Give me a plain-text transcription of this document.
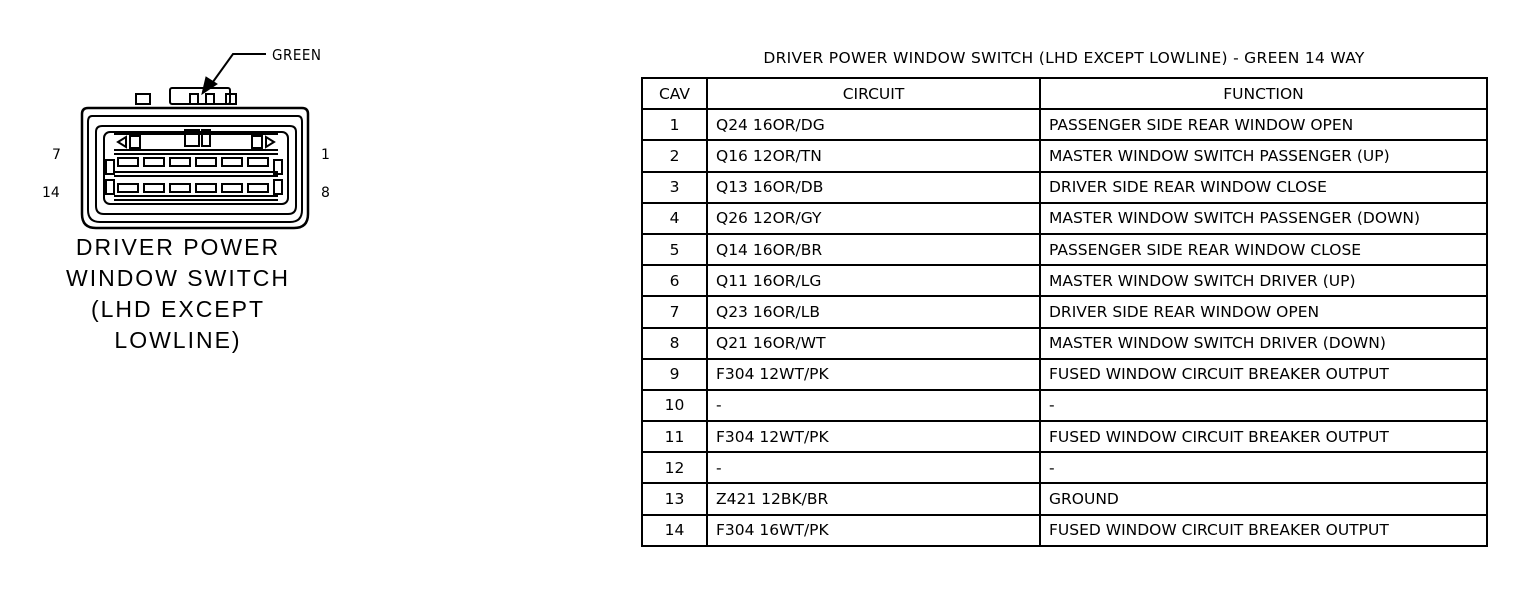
GREEN
7	1
14	8
DRIVER POWER
WINDOW SWITCH
(LHD EXCEPT
LOWLINE)
DRIVER POWER WINDOW SWITCH (LHD EXCEPT LOWLINE) - GREEN 14 WAY
CAV	CIRCUIT	FUNCTION
1	Q24 16OR/DG	PASSENGER SIDE REAR WINDOW OPEN
2	Q16 12OR/TN	MASTER WINDOW SWITCH PASSENGER (UP)
3	Q13 16OR/DB	DRIVER SIDE REAR WINDOW CLOSE
4	Q26 12OR/GY	MASTER WINDOW SWITCH PASSENGER (DOWN)
5	Q14 16OR/BR	PASSENGER SIDE REAR WINDOW CLOSE
6	Q11 16OR/LG	MASTER WINDOW SWITCH DRIVER (UP)
7	Q23 16OR/LB	DRIVER SIDE REAR WINDOW OPEN
8	Q21 16OR/WT	MASTER WINDOW SWITCH DRIVER (DOWN)
9	F304 12WT/PK	FUSED WINDOW CIRCUIT BREAKER OUTPUT
10	-	-
11	F304 12WT/PK	FUSED WINDOW CIRCUIT BREAKER OUTPUT
12	-	-
13	Z421 12BK/BR	GROUND
14	F304 16WT/PK	FUSED WINDOW CIRCUIT BREAKER OUTPUT
